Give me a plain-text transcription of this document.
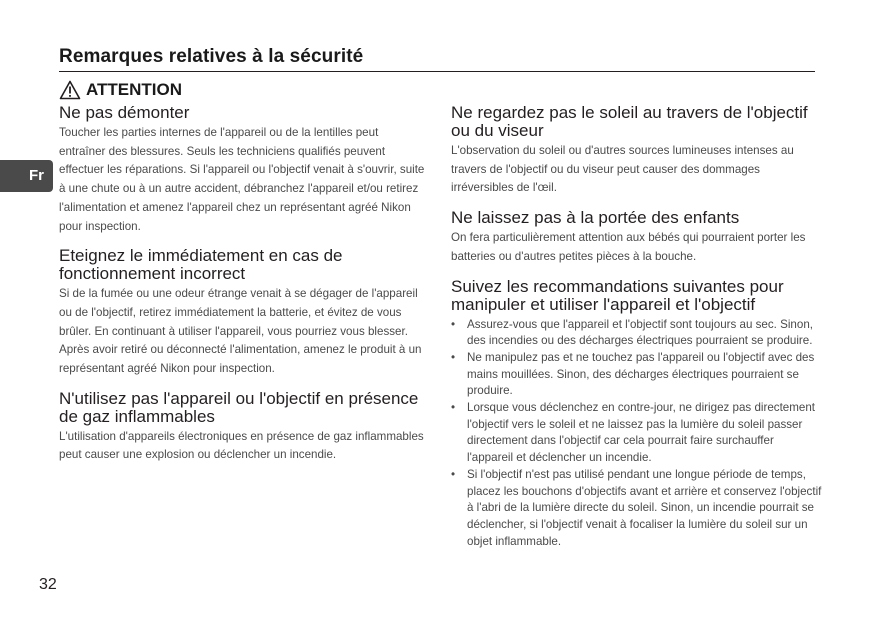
Remarques relatives à la sécurité
Fr
ATTENTION
Ne pas démonter

Toucher les parties internes de l'appareil ou de la lentilles peut entraîner des blessures. Seuls les techniciens qualifiés peuvent effectuer les réparations. Si l'appareil ou l'objectif venait à s'ouvrir, suite à une chute ou à un autre accident, débranchez l'appareil et/ou retirez l'alimentation et amenez l'appareil chez un représentant agréé Nikon pour inspection.

Eteignez le immédiatement en cas de fonctionnement incorrect

Si de la fumée ou une odeur étrange venait à se dégager de l'appareil ou de l'objectif, retirez immédiatement la batterie, et évitez de vous brûler. En continuant à utiliser l'appareil, vous pourriez vous blesser.

Après avoir retiré ou déconnecté l'alimentation, amenez le produit à un représentant agréé Nikon pour inspection.

N'utilisez pas l'appareil ou l'objectif en présence de gaz inflammables

L'utilisation d'appareils électroniques en présence de gaz inflammables peut causer une explosion ou déclencher un incendie.

Ne regardez pas le soleil au travers de l'objectif ou du viseur

L'observation du soleil ou d'autres sources lumineuses intenses au travers de l'objectif ou du viseur peut causer des dommages irréversibles de l'œil.

Ne laissez pas à la portée des enfants

On fera particulièrement attention aux bébés qui pourraient porter les batteries ou d'autres petites pièces à la bouche.

Suivez les recommandations suivantes pour manipuler et utiliser l'appareil et l'objectif
• Assurez-vous que l'appareil et l'objectif sont toujours au sec. Sinon, des incendies ou des décharges électriques pourraient se produire.
• Ne manipulez pas et ne touchez pas l'appareil ou l'objectif avec des mains mouillées. Sinon, des décharges électriques pourraient se produire.
• Lorsque vous déclenchez en contre-jour, ne dirigez pas directement l'objectif vers le soleil et ne laissez pas la lumière du soleil passer directement dans l'objectif car cela pourrait faire surchauffer l'appareil et déclencher un incendie.
• Si l'objectif n'est pas utilisé pendant une longue période de temps, placez les bouchons d'objectifs avant et arrière et conservez l'objectif à l'abri de la lumière directe du soleil. Sinon, un incendie pourrait se déclencher, si l'objectif venait à focaliser la lumière du soleil sur un objet inflammable.
32
